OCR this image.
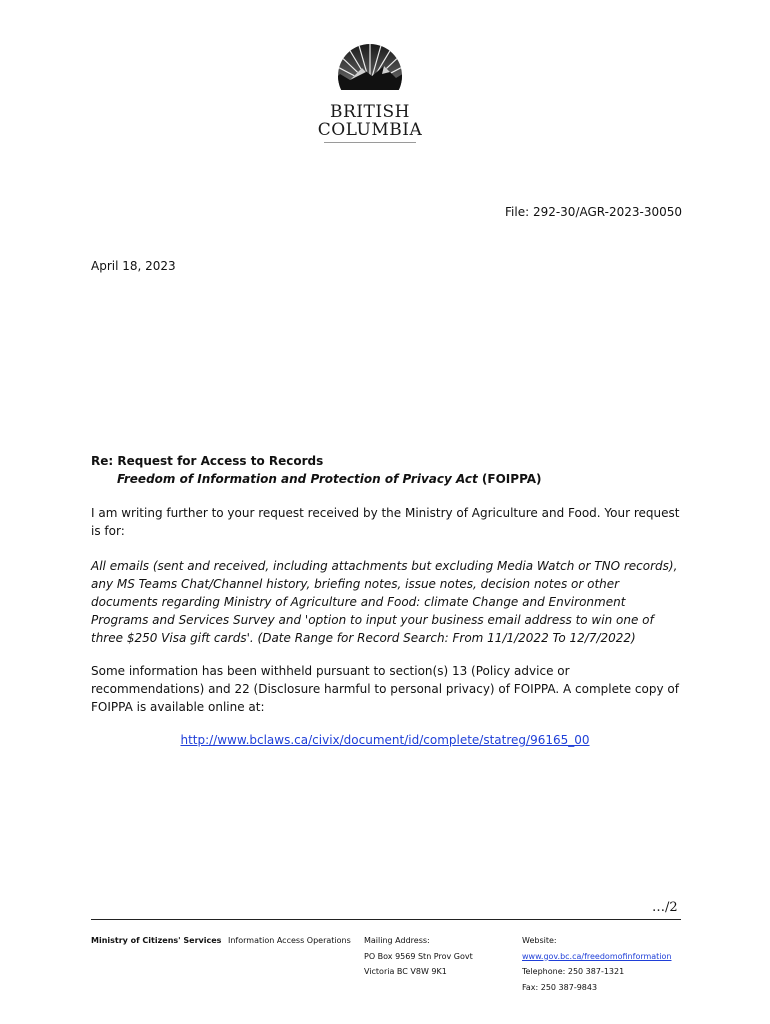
BRITISH
COLUMBIA
File: 292-30/AGR-2023-30050
April 18, 2023
Re: Request for Access to Records
Freedom of Information and Protection of Privacy Act (FOIPPA)
I am writing further to your request received by the Ministry of Agriculture and Food. Your request is for:
All emails (sent and received, including attachments but excluding Media Watch or TNO records), any MS Teams Chat/Channel history, briefing notes, issue notes, decision notes or other documents regarding Ministry of Agriculture and Food: climate Change and Environment Programs and Services Survey and 'option to input your business email address to win one of three $250 Visa gift cards'. (Date Range for Record Search: From 11/1/2022 To 12/7/2022)
Some information has been withheld pursuant to section(s) 13 (Policy advice or recommendations) and 22 (Disclosure harmful to personal privacy) of FOIPPA. A complete copy of FOIPPA is available online at:
http://www.bclaws.ca/civix/document/id/complete/statreg/96165_00
…/2
Ministry of Citizens' Services Information Access Operations Mailing Address:
PO Box 9569 Stn Prov Govt
Victoria BC V8W 9K1
Website:
www.gov.bc.ca/freedomofinformation
Telephone: 250 387-1321
Fax: 250 387-9843
